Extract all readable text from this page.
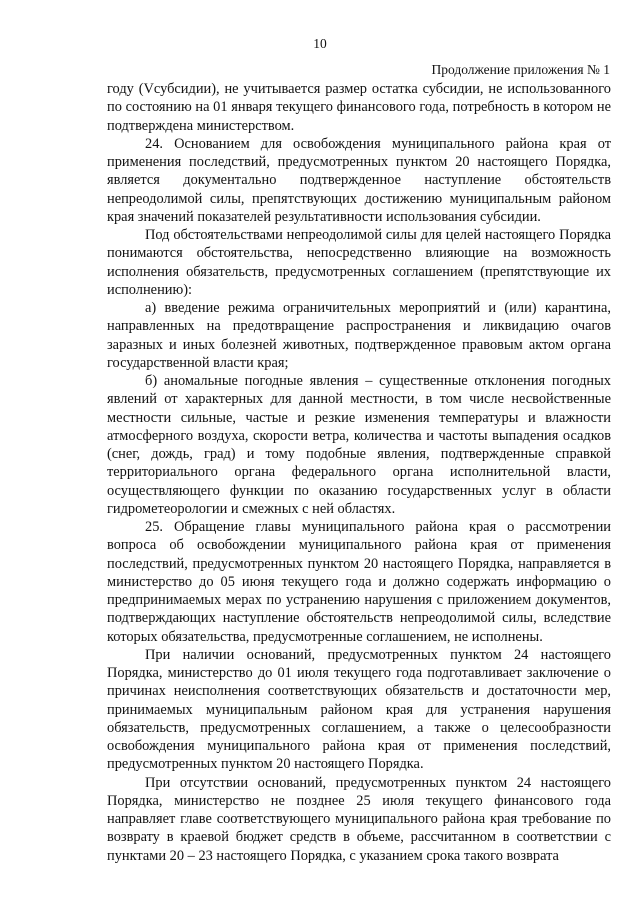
10
Продолжение приложения № 1

году (Vсубсидии), не учитывается размер остатка субсидии, не использованного по состоянию на 01 января текущего финансового года, потребность в котором не подтверждена министерством.

24. Основанием для освобождения муниципального района края от применения последствий, предусмотренных пунктом 20 настоящего Порядка, является документально подтвержденное наступление обстоятельств непреодолимой силы, препятствующих достижению муниципальным районом края значений показателей результативности использования субсидии.

Под обстоятельствами непреодолимой силы для целей настоящего Порядка понимаются обстоятельства, непосредственно влияющие на возможность исполнения обязательств, предусмотренных соглашением (препятствующие их исполнению):

а) введение режима ограничительных мероприятий и (или) карантина, направленных на предотвращение распространения и ликвидацию очагов заразных и иных болезней животных, подтвержденное правовым актом органа государственной власти края;

б) аномальные погодные явления – существенные отклонения погодных явлений от характерных для данной местности, в том числе несвойственные местности сильные, частые и резкие изменения температуры и влажности атмосферного воздуха, скорости ветра, количества и частоты выпадения осадков (снег, дождь, град) и тому подобные явления, подтвержденные справкой территориального органа федерального органа исполнительной власти, осуществляющего функции по оказанию государственных услуг в области гидрометеорологии и смежных с ней областях.

25. Обращение главы муниципального района края о рассмотрении вопроса об освобождении муниципального района края от применения последствий, предусмотренных пунктом 20 настоящего Порядка, направляется в министерство до 05 июня текущего года и должно содержать информацию о предпринимаемых мерах по устранению нарушения с приложением документов, подтверждающих наступление обстоятельств непреодолимой силы, вследствие которых обязательства, предусмотренные соглашением, не исполнены.

При наличии оснований, предусмотренных пунктом 24 настоящего Порядка, министерство до 01 июля текущего года подготавливает заключение о причинах неисполнения соответствующих обязательств и достаточности мер, принимаемых муниципальным районом края для устранения нарушения обязательств, предусмотренных соглашением, а также о целесообразности освобождения муниципального района края от применения последствий, предусмотренных пунктом 20 настоящего Порядка.

При отсутствии оснований, предусмотренных пунктом 24 настоящего Порядка, министерство не позднее 25 июля текущего финансового года направляет главе соответствующего муниципального района края требование по возврату в краевой бюджет средств в объеме, рассчитанном в соответствии с пунктами 20 – 23 настоящего Порядка, с указанием срока такого возврата
